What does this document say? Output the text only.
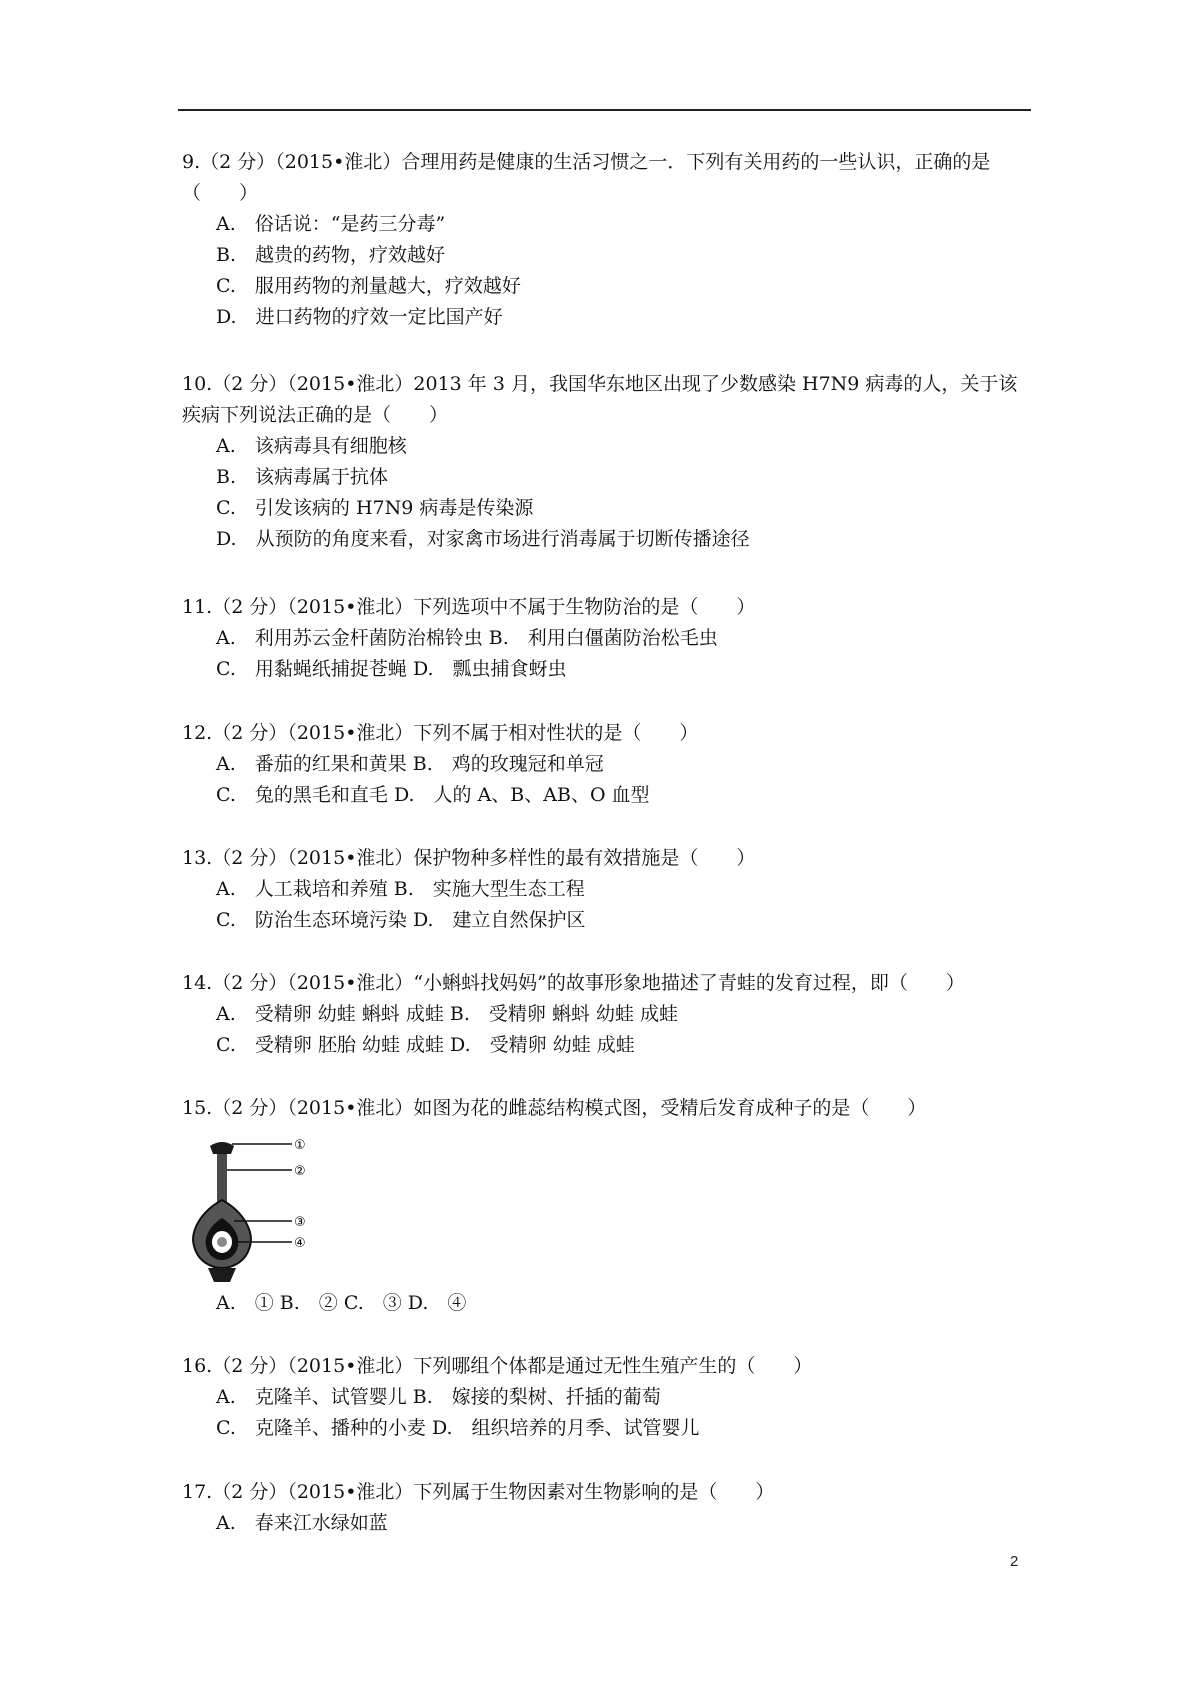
9.（2 分）（2015•淮北）合理用药是健康的生活习惯之一．下列有关用药的一些认识，正确的是（　　）

A.　俗话说：“是药三分毒”

B.　越贵的药物，疗效越好

C.　服用药物的剂量越大，疗效越好

D.　进口药物的疗效一定比国产好

10.（2 分）（2015•淮北）2013 年 3 月，我国华东地区出现了少数感染 H7N9 病毒的人，关于该疾病下列说法正确的是（　　）

A.　该病毒具有细胞核

B.　该病毒属于抗体

C.　引发该病的 H7N9 病毒是传染源

D.　从预防的角度来看，对家禽市场进行消毒属于切断传播途径

11.（2 分）（2015•淮北）下列选项中不属于生物防治的是（　　）

A.　利用苏云金杆菌防治棉铃虫 B.　利用白僵菌防治松毛虫

C.　用黏蝇纸捕捉苍蝇 D.　瓢虫捕食蚜虫

12.（2 分）（2015•淮北）下列不属于相对性状的是（　　）

A.　番茄的红果和黄果 B.　鸡的玫瑰冠和单冠

C.　兔的黑毛和直毛 D.　人的 A、B、AB、O 血型

13.（2 分）（2015•淮北）保护物种多样性的最有效措施是（　　）

A.　人工栽培和养殖 B.　实施大型生态工程

C.　防治生态环境污染 D.　建立自然保护区

14.（2 分）（2015•淮北）“小蝌蚪找妈妈”的故事形象地描述了青蛙的发育过程，即（　　）

A.　受精卵 幼蛙 蝌蚪 成蛙 B.　受精卵 蝌蚪 幼蛙 成蛙

C.　受精卵 胚胎 幼蛙 成蛙 D.　受精卵 幼蛙 成蛙

15.（2 分）（2015•淮北）如图为花的雌蕊结构模式图，受精后发育成种子的是（　　）

①
②
③
④

A.　① B.　② C.　③ D.　④

16.（2 分）（2015•淮北）下列哪组个体都是通过无性生殖产生的（　　）

A.　克隆羊、试管婴儿 B.　嫁接的梨树、扦插的葡萄

C.　克隆羊、播种的小麦 D.　组织培养的月季、试管婴儿

17.（2 分）（2015•淮北）下列属于生物因素对生物影响的是（　　）

A.　春来江水绿如蓝

2
